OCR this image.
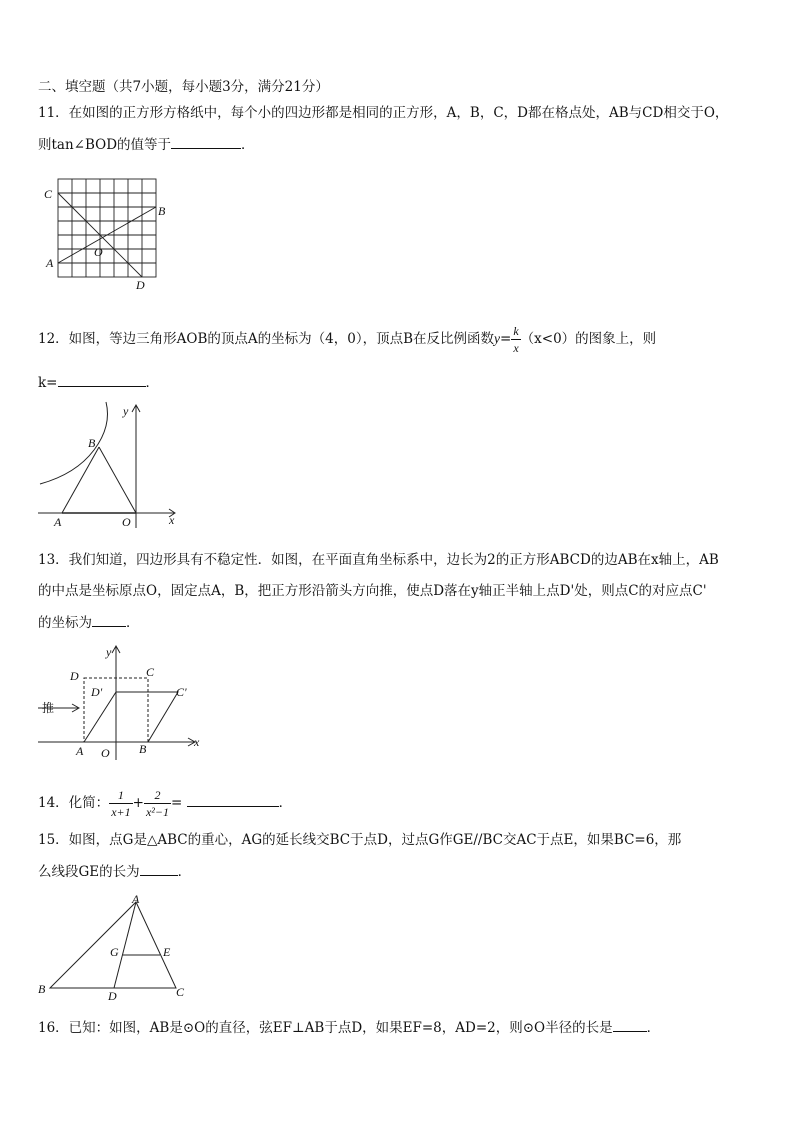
二、填空题（共7小题，每小题3分，满分21分）
11．在如图的正方形方格纸中，每个小的四边形都是相同的正方形，A，B，C，D都在格点处，AB与CD相交于O，
则tan∠BOD的值等于	．
C
B
O
A
D
12．如图，等边三角形AOB的顶点A的坐标为（4，0），顶点B在反比例函数$y= \frac{k}{x} (x<0)$的图象上，则
k=	．
y
B
A	O	x
13．我们知道，四边形具有不稳定性．如图，在平面直角坐标系中，边长为2的正方形ABCD的边AB在x轴上，AB
的中点是坐标原点O，固定点A，B，把正方形沿箭头方向推，使点D落在y轴正半轴上点D'处，则点C的对应点C'
的坐标为	．
y
D	C
D'	C'
推
A O B	x
14．化简： $\frac{1}{x+1} + \frac{2}{\text{x²−1}}$ =	．
15．如图，点G是△ABC的重心，AG的延长线交BC于点D，过点G作GE//BC交AC于点E，如果BC=6，那
么线段GE的长为	．
A
G	E
B	D	C
16．已知：如图，AB是⊙O的直径，弦EF⊥AB于点D，如果EF=8，AD=2，则⊙O半径的长是	．
